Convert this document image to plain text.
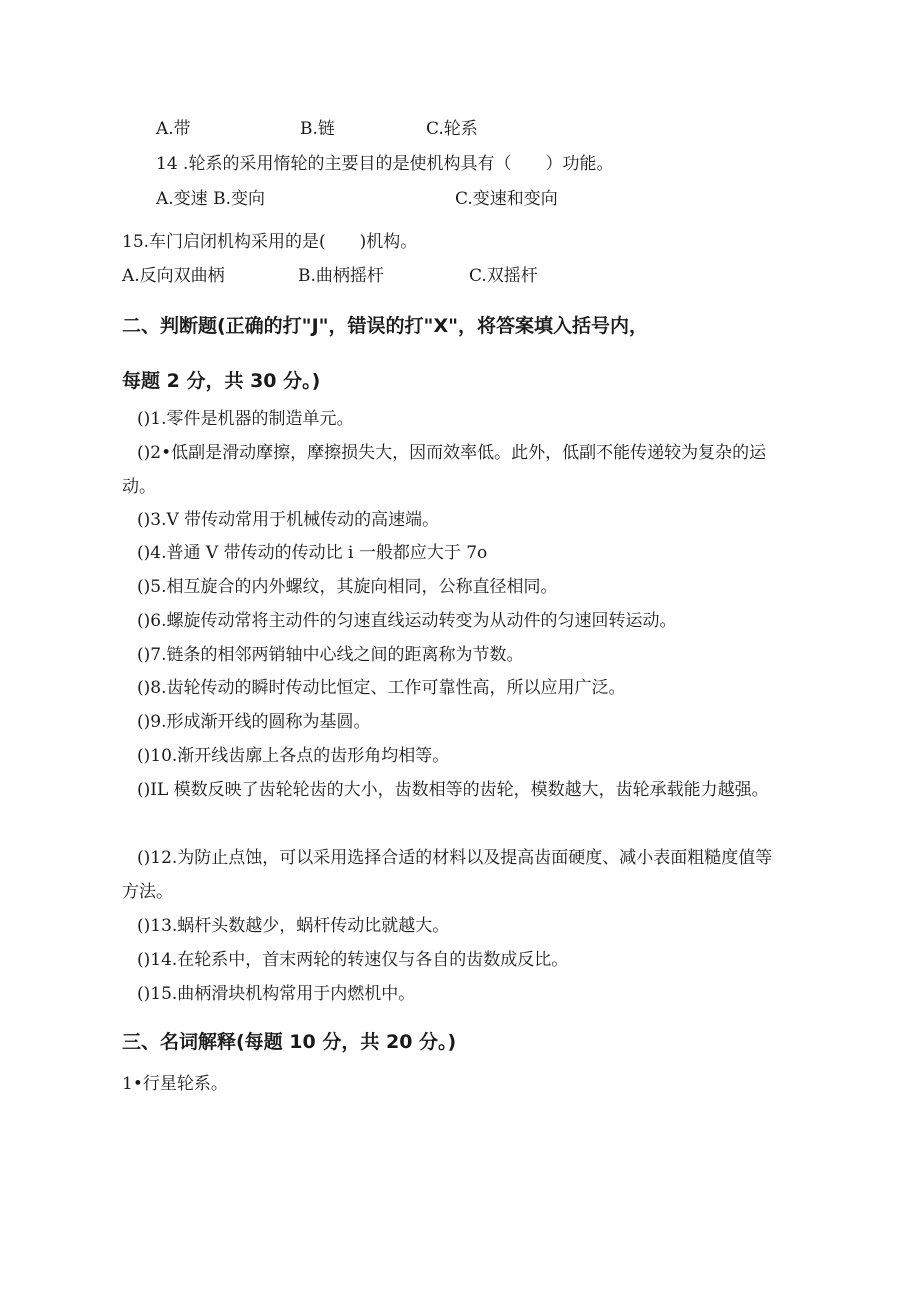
A.带	B.链	C.轮系
14 .轮系的采用惰轮的主要目的是使机构具有（　　）功能。
A.变速 B.变向	C.变速和变向
15.车门启闭机构采用的是(　　)机构。
A.反向双曲柄	B.曲柄摇杆	C.双摇杆
二、判断题(正确的打"J"，错误的打"X"，将答案填入括号内，
每题 2 分，共 30 分。)
()1.零件是机器的制造单元。
()2•低副是滑动摩擦，摩擦损失大，因而效率低。此外，低副不能传递较为复杂的运动。
()3.V 带传动常用于机械传动的高速端。
()4.普通 V 带传动的传动比 i 一般都应大于 7o
()5.相互旋合的内外螺纹，其旋向相同，公称直径相同。
()6.螺旋传动常将主动件的匀速直线运动转变为从动件的匀速回转运动。
()7.链条的相邻两销轴中心线之间的距离称为节数。
()8.齿轮传动的瞬时传动比恒定、工作可靠性高，所以应用广泛。
()9.形成渐开线的圆称为基圆。
()10.渐开线齿廓上各点的齿形角均相等。
()IL 模数反映了齿轮轮齿的大小，齿数相等的齿轮，模数越大，齿轮承载能力越强。
()12.为防止点蚀，可以采用选择合适的材料以及提高齿面硬度、减小表面粗糙度值等方法。
()13.蜗杆头数越少，蜗杆传动比就越大。
()14.在轮系中，首末两轮的转速仅与各自的齿数成反比。
()15.曲柄滑块机构常用于内燃机中。
三、名词解释(每题 10 分，共 20 分。)
1•行星轮系。
